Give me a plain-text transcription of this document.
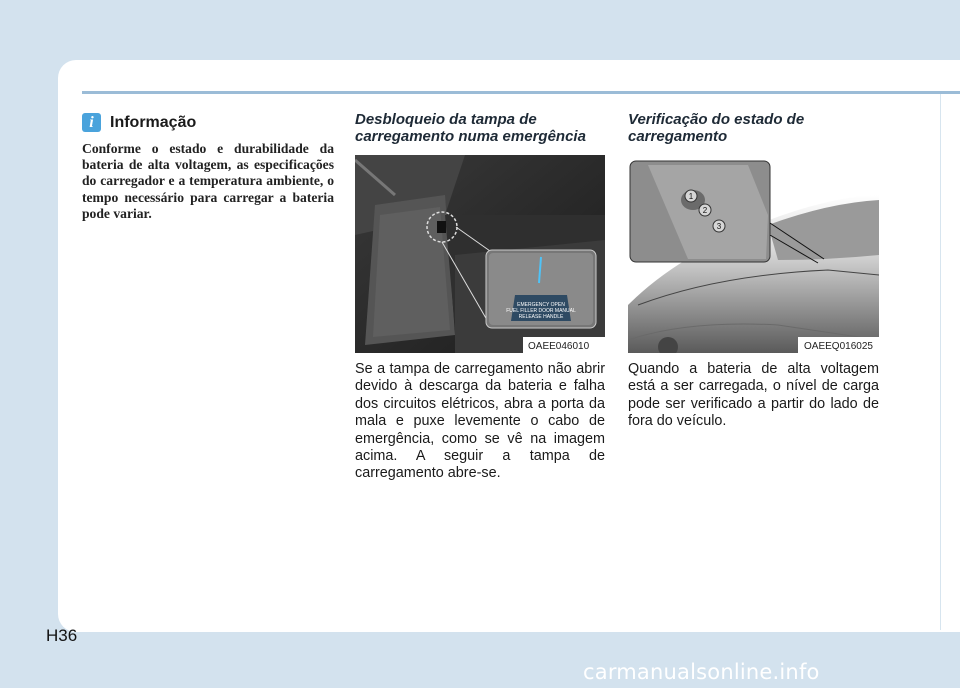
i	Informação

Conforme o estado e durabilidade da bateria de alta voltagem, as especificações do carregador e a temperatura ambiente, o tempo necessário para carregar a bateria pode variar.

Desbloqueio da tampa de carregamento numa emergência
EMERGENCY OPEN
FUEL FILLER DOOR MANUAL
RELEASE HANDLE
OAEE046010

Se a tampa de carregamento não abrir devido à descarga da bateria e falha dos circuitos elétricos, abra a porta da mala e puxe levemente o cabo de emergência, como se vê na imagem acima. A seguir a tampa de carregamento abre-se.

Verificação do estado de carregamento
1
2
3
OAEEQ016025

Quando a bateria de alta voltagem está a ser carregada, o nível de carga pode ser verificado a partir do lado de fora do veículo.

H36
carmanualsonline.info
